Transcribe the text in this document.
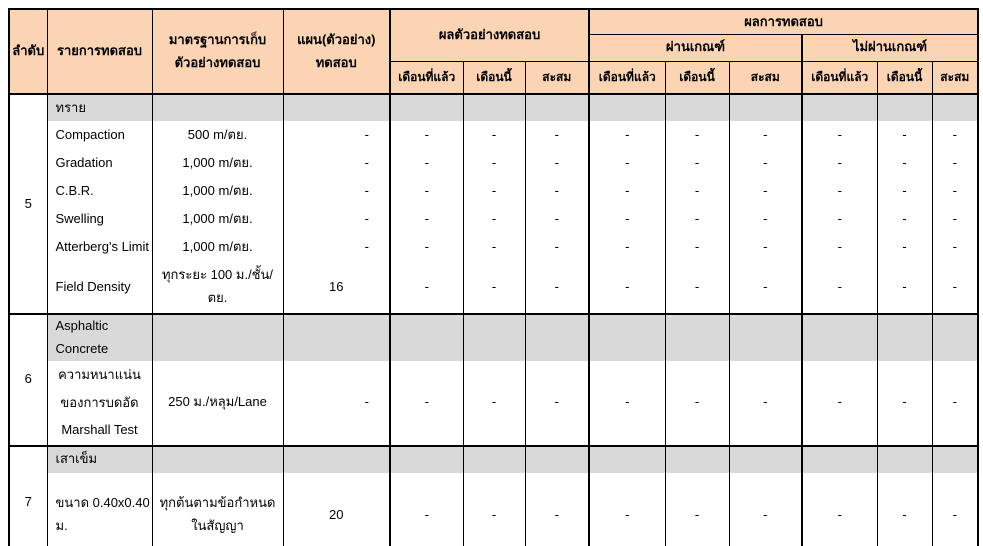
ลำดับ	รายการทดสอบ	มาตรฐานการเก็บ​ตัวอย่างทดสอบ	แผน(ตัวอย่าง)​ทดสอบ	ผลตัวอย่างทดสอบ			ผลการทดสอบ					
							ผ่านเกณฑ์			ไม่ผ่านเกณฑ์		
				เดือนที่แล้ว	เดือนนี้	สะสม	เดือนที่แล้ว	เดือนนี้	สะสม	เดือนที่แล้ว	เดือนนี้	สะสม
5	ทราย											
	Compaction	500 m/ตย.	-	-	-	-	-	-	-	-	-	-
	Gradation	1,000 m/ตย.	-	-	-	-	-	-	-	-	-	-
	C.B.R.	1,000 m/ตย.	-	-	-	-	-	-	-	-	-	-
	Swelling	1,000 m/ตย.	-	-	-	-	-	-	-	-	-	-
	Atterberg's Limit	1,000 m/ตย.	-	-	-	-	-	-	-	-	-	-
	Field Density	ทุกระยะ 100 ม./​ชั้น/ตย.	16	-	-	-	-	-	-	-	-	-
6	Asphaltic Concrete											
	ความหนาแน่นของ​การบดอัด Marshall Test	250 ม./หลุม/Lane	-	-	-	-	-	-	-	-	-	-
7	เสาเข็ม											
	ขนาด 0.40x0.40 ม.	ทุกต้นตามข้อกำหนด​ในสัญญา	20	-	-	-	-	-	-	-	-	-
